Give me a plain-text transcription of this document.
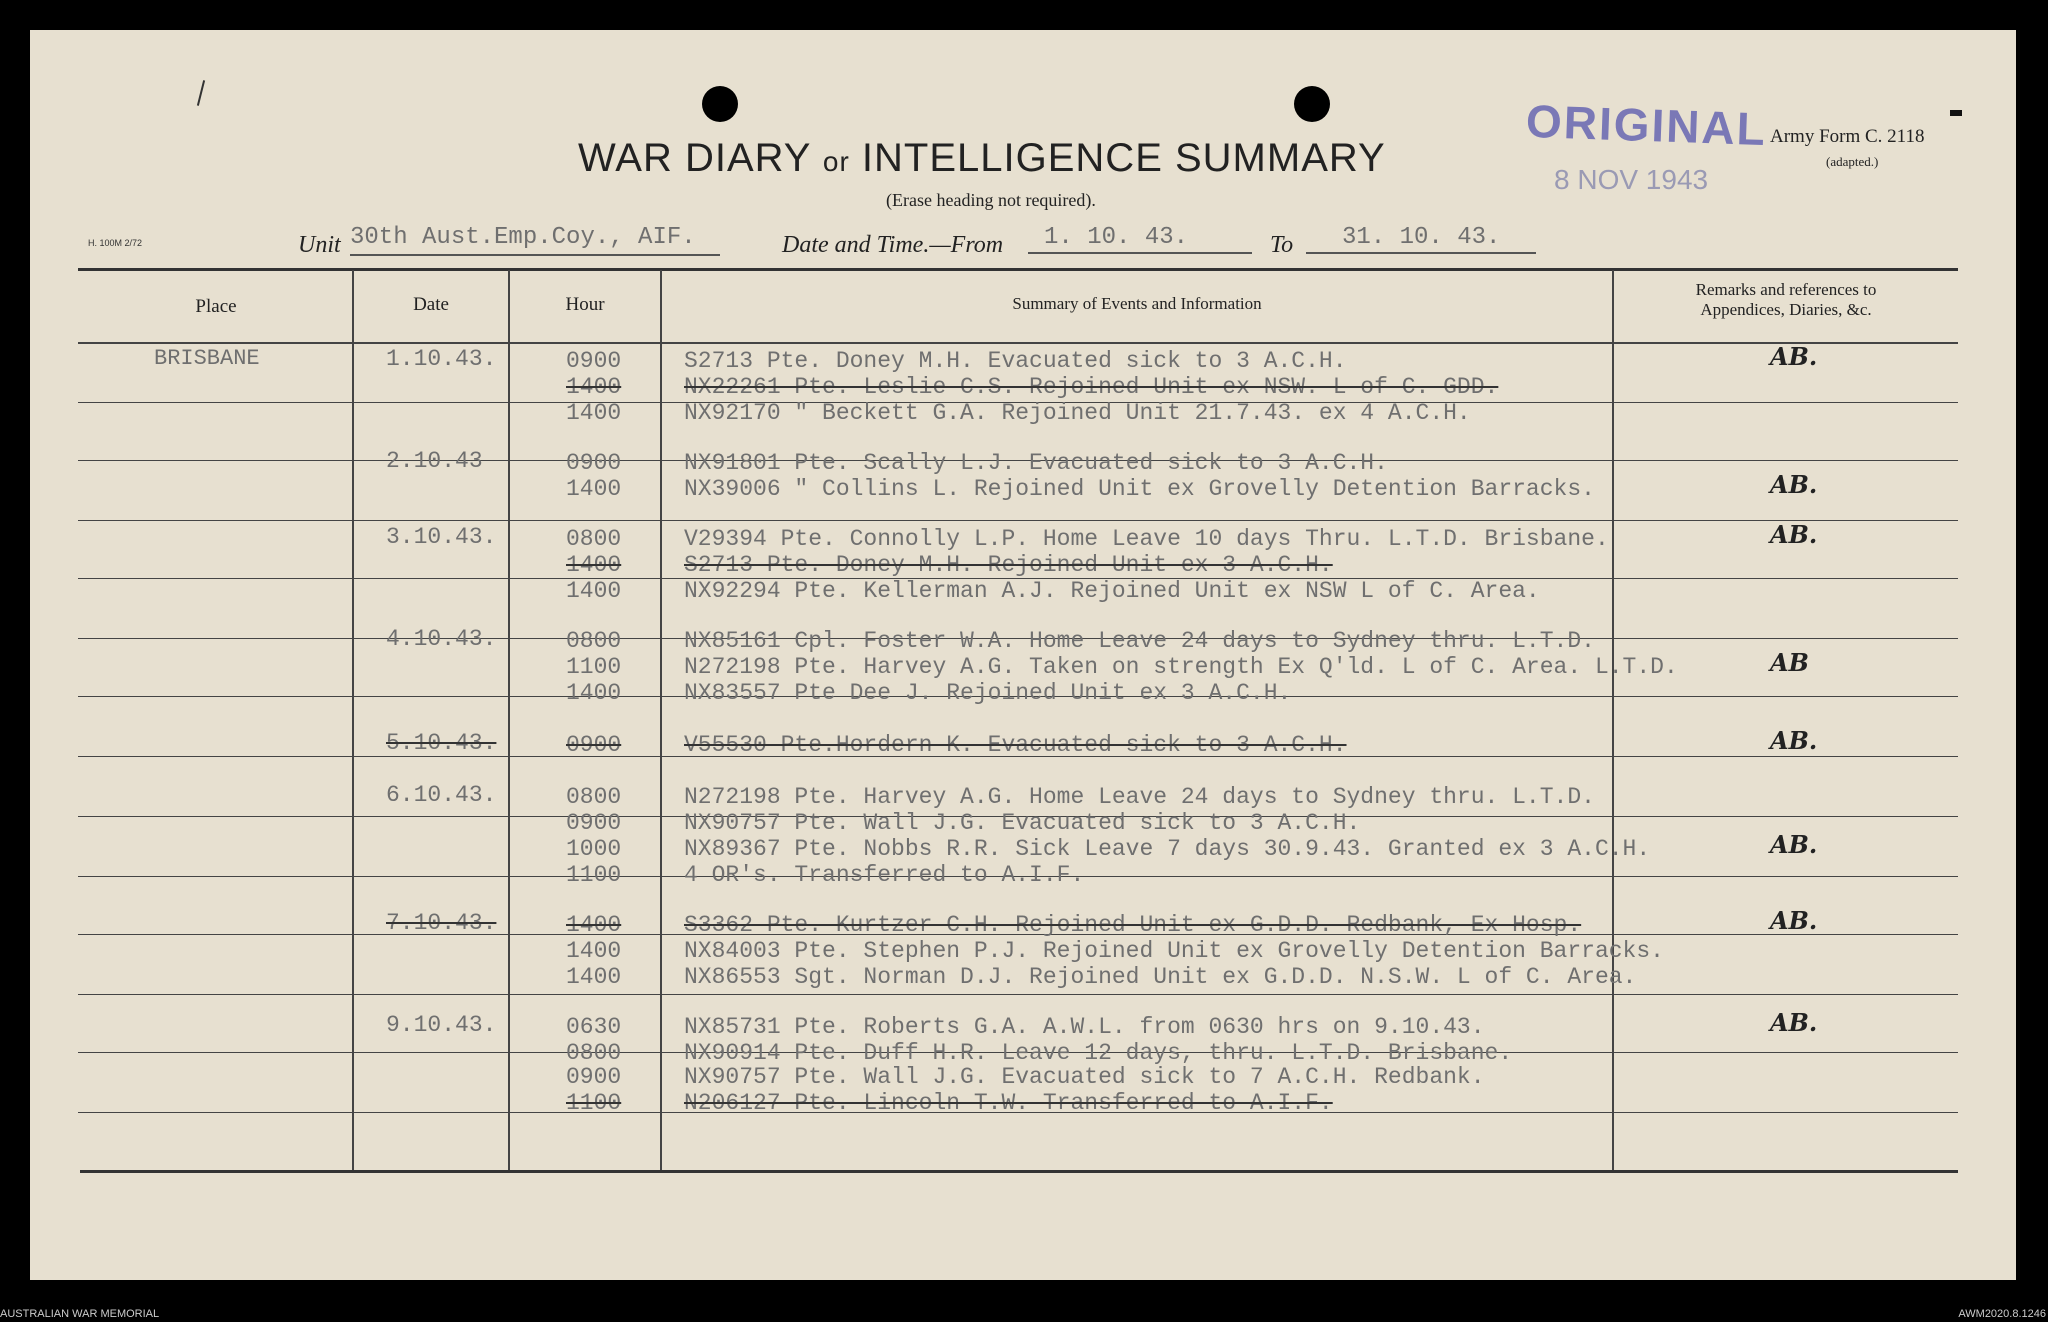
WAR DIARY or INTELLIGENCE SUMMARY
(Erase heading not required).
H. 100M 2/72
Army Form C. 2118
(adapted.)
ORIGINAL
8 NOV 1943
Unit 30th Aust.Emp.Coy., AIF.	Date and Time.—From	1. 10. 43.	To	31. 10. 43.
Place	Date	Hour	Summary of Events and Information
Remarks and references to
Appendices, Diaries, &c.
BRISBANE	1.10.43.	0900	S2713 Pte. Doney M.H. Evacuated sick to 3 A.C.H.	AB.
1400	NX22261 Pte. Leslie C.S. Rejoined Unit ex NSW. L of C. GDD.
1400	NX92170 " Beckett G.A. Rejoined Unit 21.7.43. ex 4 A.C.H.
2.10.43	0900	NX91801 Pte. Scally L.J. Evacuated sick to 3 A.C.H.
1400	NX39006 " Collins L. Rejoined Unit ex Grovelly Detention Barracks.	AB.
3.10.43.	0800	V29394 Pte. Connolly L.P. Home Leave 10 days Thru. L.T.D. Brisbane.	AB.
1400	S2713 Pte. Doney M.H. Rejoined Unit ex 3 A.C.H.
1400	NX92294 Pte. Kellerman A.J. Rejoined Unit ex NSW L of C. Area.
4.10.43.	0800	NX85161 Cpl. Foster W.A. Home Leave 24 days to Sydney thru. L.T.D.
1100	N272198 Pte. Harvey A.G. Taken on strength Ex Q'ld. L of C. Area. L.T.D.	AB
1400	NX83557 Pte Dee J. Rejoined Unit ex 3 A.C.H.
5.10.43.	0900	V55530 Pte.Hordern K. Evacuated sick to 3 A.C.H.	AB.
6.10.43.	0800	N272198 Pte. Harvey A.G. Home Leave 24 days to Sydney thru. L.T.D.
0900	NX90757 Pte. Wall J.G. Evacuated sick to 3 A.C.H.
1000	NX89367 Pte. Nobbs R.R. Sick Leave 7 days 30.9.43. Granted ex 3 A.C.H.	AB.
1100	4 OR's. Transferred to A.I.F.
7.10.43.	1400	S3362 Pte. Kurtzer C.H. Rejoined Unit ex G.D.D. Redbank, Ex Hosp.	AB.
1400	NX84003 Pte. Stephen P.J. Rejoined Unit ex Grovelly Detention Barracks.
1400	NX86553 Sgt. Norman D.J. Rejoined Unit ex G.D.D. N.S.W. L of C. Area.
9.10.43.	0630	NX85731 Pte. Roberts G.A. A.W.L. from 0630 hrs on 9.10.43.	AB.
0800	NX90914 Pte. Duff H.R. Leave 12 days, thru. L.T.D. Brisbane.
0900	NX90757 Pte. Wall J.G. Evacuated sick to 7 A.C.H. Redbank.
1100	N206127 Pte. Lincoln T.W. Transferred to A.I.F.
AUSTRALIAN WAR MEMORIAL	AWM2020.8.1246
